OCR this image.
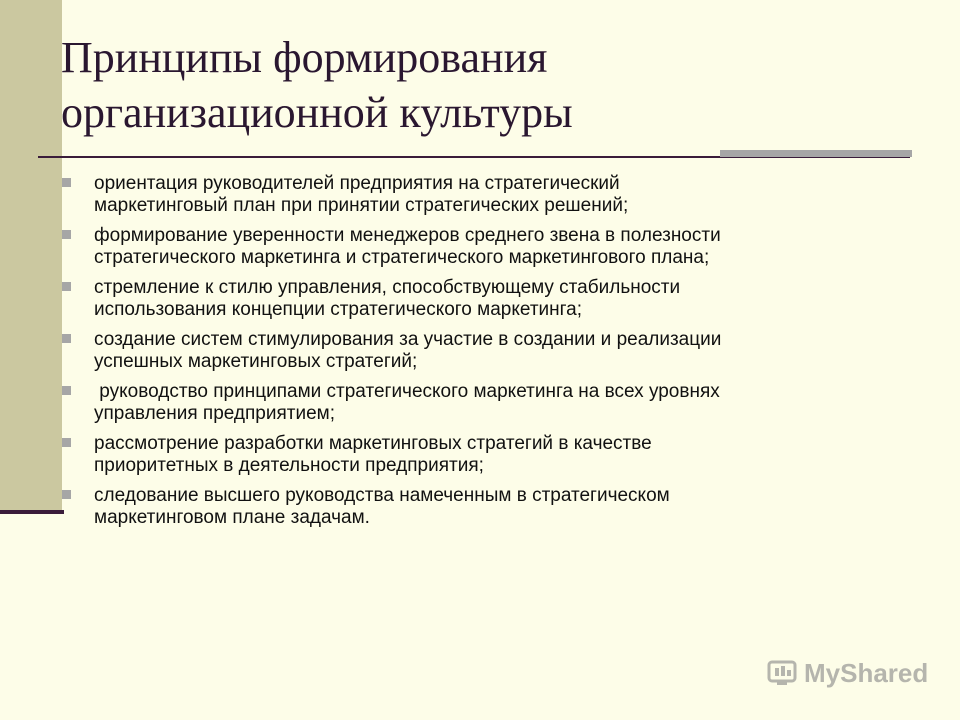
Принципы формирования
организационной культуры
ориентация руководителей предприятия на стратегический
маркетинговый план при принятии стратегических решений;
формирование уверенности менеджеров среднего звена в полезности
стратегического маркетинга и стратегического маркетингового плана;
стремление к стилю управления, способствующему стабильности
использования концепции стратегического маркетинга;
создание систем стимулирования за участие в создании и реализации
успешных маркетинговых стратегий;
руководство принципами стратегического маркетинга на всех уровнях
управления предприятием;
рассмотрение разработки маркетинговых стратегий в качестве
приоритетных в деятельности предприятия;
следование высшего руководства намеченным в стратегическом
маркетинговом плане задачам.
MyShared
